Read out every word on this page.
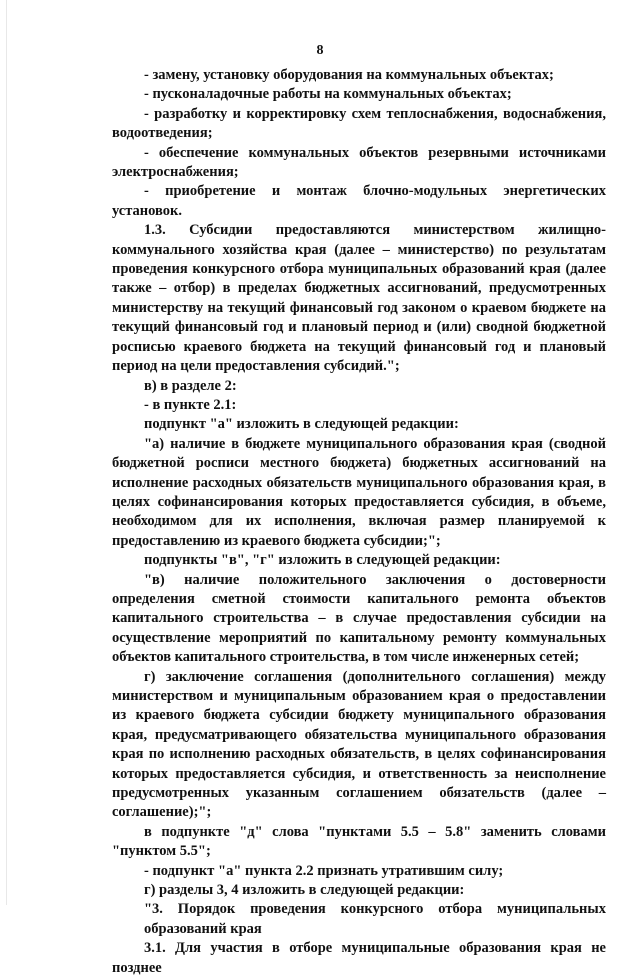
8

- замену, установку оборудования на коммунальных объектах;

- пусконаладочные работы на коммунальных объектах;

- разработку и корректировку схем теплоснабжения, водоснабжения, водоотведения;

- обеспечение коммунальных объектов резервными источниками электроснабжения;

- приобретение и монтаж блочно-модульных энергетических установок.

1.3. Субсидии предоставляются министерством жилищно-коммунального хозяйства края (далее – министерство) по результатам проведения конкурсного отбора муниципальных образований края (далее также – отбор) в пределах бюджетных ассигнований, предусмотренных министерству на текущий финансовый год законом о краевом бюджете на текущий финансовый год и плановый период и (или) сводной бюджетной росписью краевого бюджета на текущий финансовый год и плановый период на цели предоставления субсидий.";

в) в разделе 2:

- в пункте 2.1:

подпункт "а" изложить в следующей редакции:

"а) наличие в бюджете муниципального образования края (сводной бюджетной росписи местного бюджета) бюджетных ассигнований на исполнение расходных обязательств муниципального образования края, в целях софинансирования которых предоставляется субсидия, в объеме, необходимом для их исполнения, включая размер планируемой к предоставлению из краевого бюджета субсидии;";

подпункты "в", "г" изложить в следующей редакции:

"в) наличие положительного заключения о достоверности определения сметной стоимости капитального ремонта объектов капитального строительства – в случае предоставления субсидии на осуществление мероприятий по капитальному ремонту коммунальных объектов капитального строительства, в том числе инженерных сетей;

г) заключение соглашения (дополнительного соглашения) между министерством и муниципальным образованием края о предоставлении из краевого бюджета субсидии бюджету муниципального образования края, предусматривающего обязательства муниципального образования края по исполнению расходных обязательств, в целях софинансирования которых предоставляется субсидия, и ответственность за неисполнение предусмотренных указанным соглашением обязательств (далее – соглашение);";

в подпункте "д" слова "пунктами 5.5 – 5.8" заменить словами "пунктом 5.5";

- подпункт "а" пункта 2.2 признать утратившим силу;

г) разделы 3, 4 изложить в следующей редакции:

"3. Порядок проведения конкурсного отбора муниципальных образований края

3.1. Для участия в отборе муниципальные образования края не позднее
